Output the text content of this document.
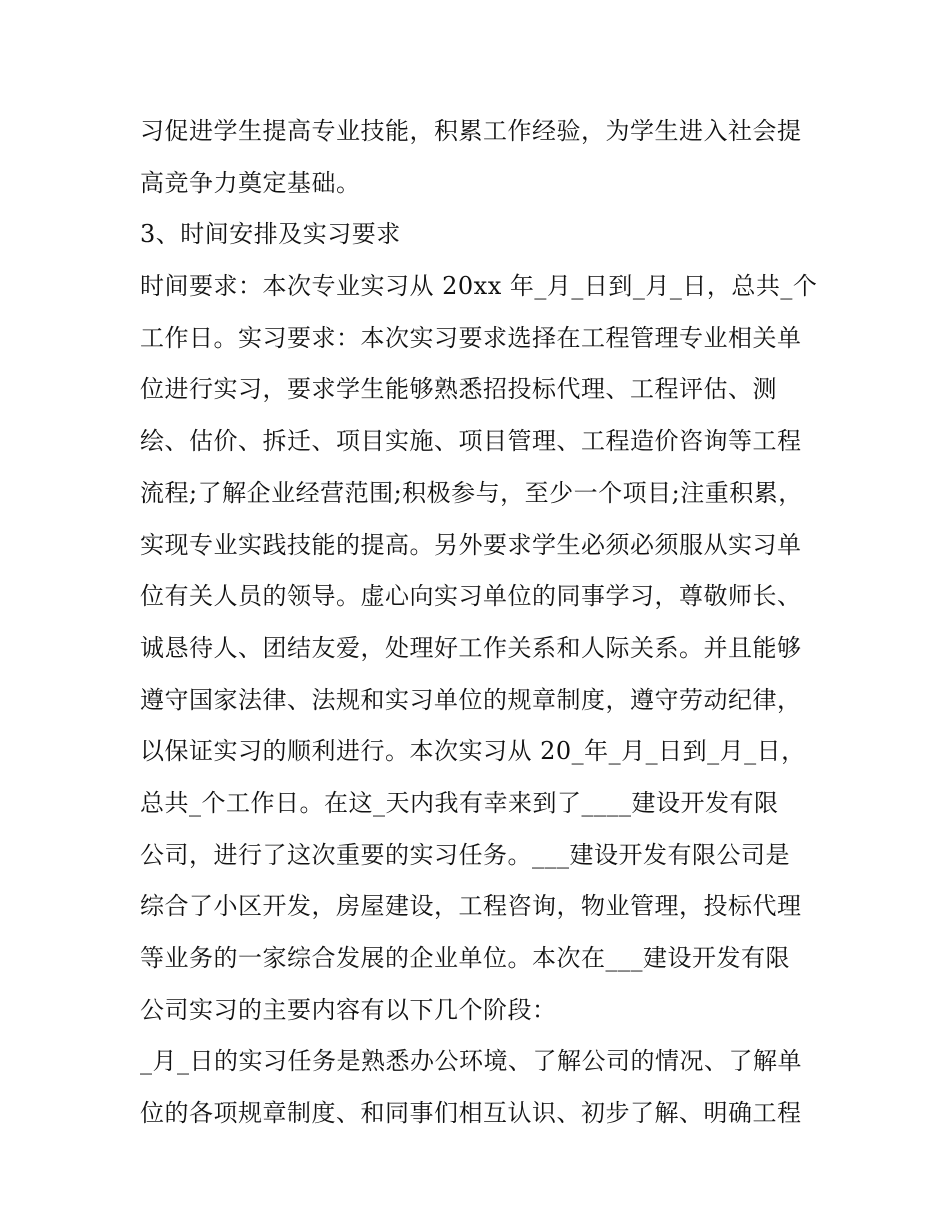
习促进学生提高专业技能，积累工作经验，为学生进入社会提
高竞争力奠定基础。
3、时间安排及实习要求
时间要求：本次专业实习从 20xx 年_月_日到_月_日，总共_个
工作日。实习要求：本次实习要求选择在工程管理专业相关单
位进行实习，要求学生能够熟悉招投标代理、工程评估、测
绘、估价、拆迁、项目实施、项目管理、工程造价咨询等工程
流程;了解企业经营范围;积极参与，至少一个项目;注重积累，
实现专业实践技能的提高。另外要求学生必须必须服从实习单
位有关人员的领导。虚心向实习单位的同事学习，尊敬师长、
诚恳待人、团结友爱，处理好工作关系和人际关系。并且能够
遵守国家法律、法规和实习单位的规章制度，遵守劳动纪律，
以保证实习的顺利进行。本次实习从 20_年_月_日到_月_日，
总共_个工作日。在这_天内我有幸来到了____建设开发有限
公司，进行了这次重要的实习任务。___建设开发有限公司是
综合了小区开发，房屋建设，工程咨询，物业管理，投标代理
等业务的一家综合发展的企业单位。本次在___建设开发有限
公司实习的主要内容有以下几个阶段：
_月_日的实习任务是熟悉办公环境、了解公司的情况、了解单
位的各项规章制度、和同事们相互认识、初步了解、明确工程
